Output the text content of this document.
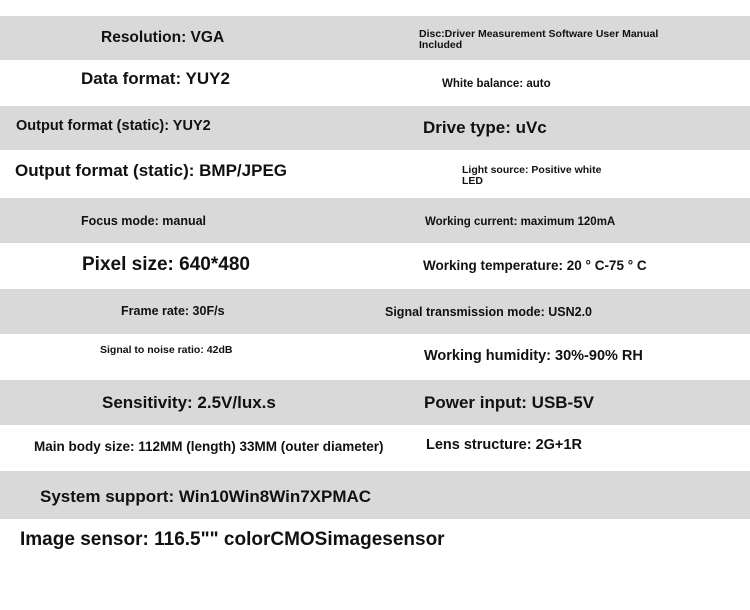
Resolution: VGA	Disc:Driver Measurement Software User Manual Included
Data format: YUY2	White balance: auto
Output format (static): YUY2	Drive type: uVc
Output format (static): BMP/JPEG	Light source: Positive white LED
Focus mode: manual	Working current: maximum 120mA
Pixel size: 640*480	Working temperature: 20 ° C-75 ° C
Frame rate: 30F/s	Signal transmission mode: USN2.0
Signal to noise ratio: 42dB	Working humidity: 30%-90% RH
Sensitivity: 2.5V/lux.s	Power input: USB-5V
Main body size: 112MM (length) 33MM (outer diameter)	Lens structure: 2G+1R
System support: Win10Win8Win7XPMAC
Image sensor: 116.5"" colorCMOSimagesensor
